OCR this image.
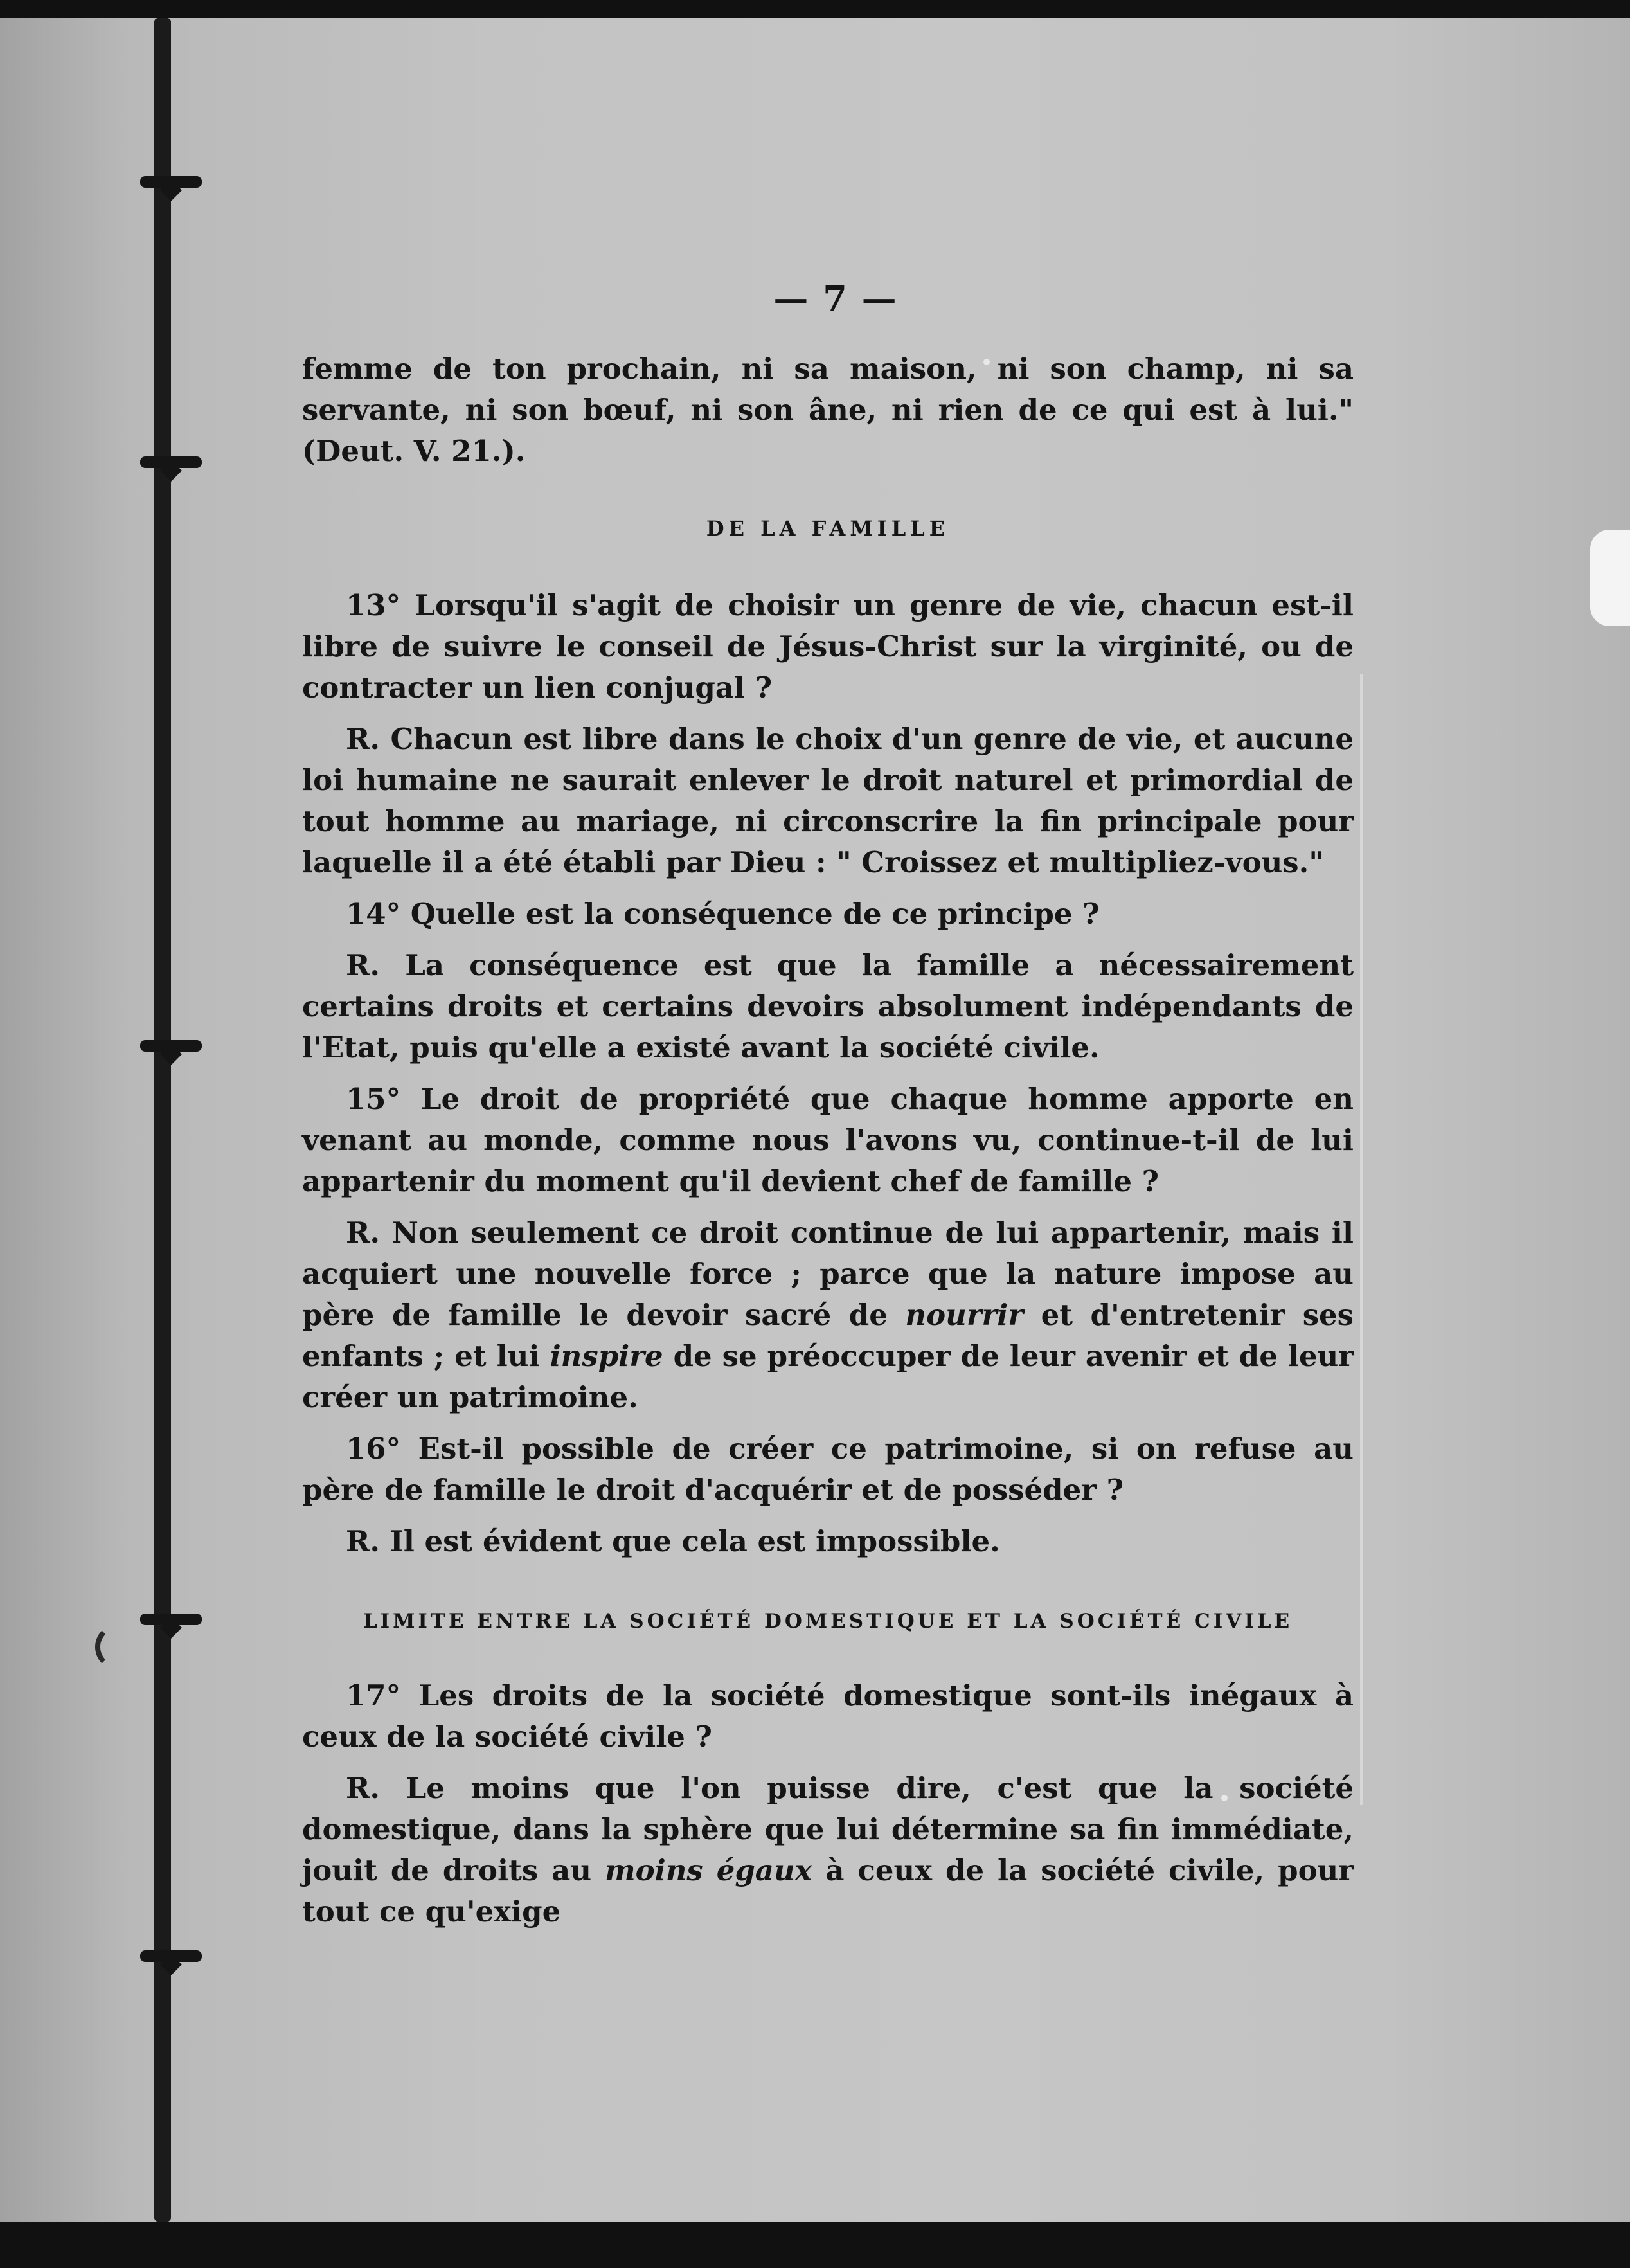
— 7 —

femme de ton prochain, ni sa maison, ni son champ, ni sa servante, ni son bœuf, ni son âne, ni rien de ce qui est à lui." (Deut. V. 21.).

DE LA FAMILLE

13° Lorsqu'il s'agit de choisir un genre de vie, chacun est-il libre de suivre le conseil de Jésus-Christ sur la virginité, ou de contracter un lien conjugal ?

R. Chacun est libre dans le choix d'un genre de vie, et aucune loi humaine ne saurait enlever le droit naturel et primordial de tout homme au mariage, ni circonscrire la fin principale pour laquelle il a été établi par Dieu : " Croissez et multipliez-vous."

14° Quelle est la conséquence de ce principe ?

R. La conséquence est que la famille a nécessairement certains droits et certains devoirs absolument indépendants de l'Etat, puis qu'elle a existé avant la société civile.

15° Le droit de propriété que chaque homme apporte en venant au monde, comme nous l'avons vu, continue-t-il de lui appartenir du moment qu'il devient chef de famille ?

R. Non seulement ce droit continue de lui appartenir, mais il acquiert une nouvelle force ; parce que la nature impose au père de famille le devoir sacré de nourrir et d'entretenir ses enfants ; et lui inspire de se préoccuper de leur avenir et de leur créer un patrimoine.

16° Est-il possible de créer ce patrimoine, si on refuse au père de famille le droit d'acquérir et de posséder ?

R. Il est évident que cela est impossible.

LIMITE ENTRE LA SOCIÉTÉ DOMESTIQUE ET LA SOCIÉTÉ CIVILE

17° Les droits de la société domestique sont-ils inégaux à ceux de la société civile ?

R. Le moins que l'on puisse dire, c'est que la société domestique, dans la sphère que lui détermine sa fin immédiate, jouit de droits au moins égaux à ceux de la société civile, pour tout ce qu'exige
